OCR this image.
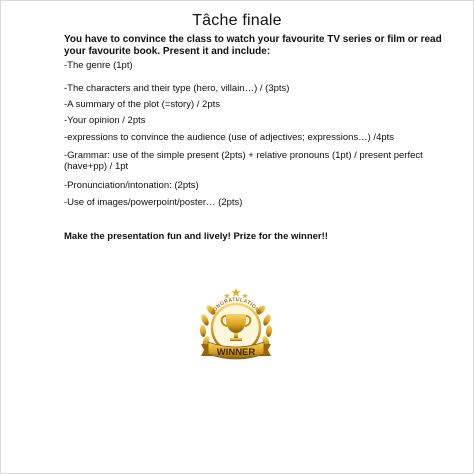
Tâche finale
You have to convince the class to watch your favourite TV series or film or read your favourite book. Present it and include:
-The genre (1pt)
-The characters and their type (hero, villain…) / (3pts)
-A summary of the plot (=story) / 2pts
-Your opinion / 2pts
-expressions to convince the audience (use of adjectives; expressions…) /4pts
-Grammar: use of the simple present (2pts) + relative pronouns (1pt) / present perfect (have+pp) / 1pt
-Pronunciation/intonation: (2pts)
-Use of images/powerpoint/poster… (2pts)
Make the presentation fun and lively! Prize for the winner!!
CONGRATULATIONS
WINNER
